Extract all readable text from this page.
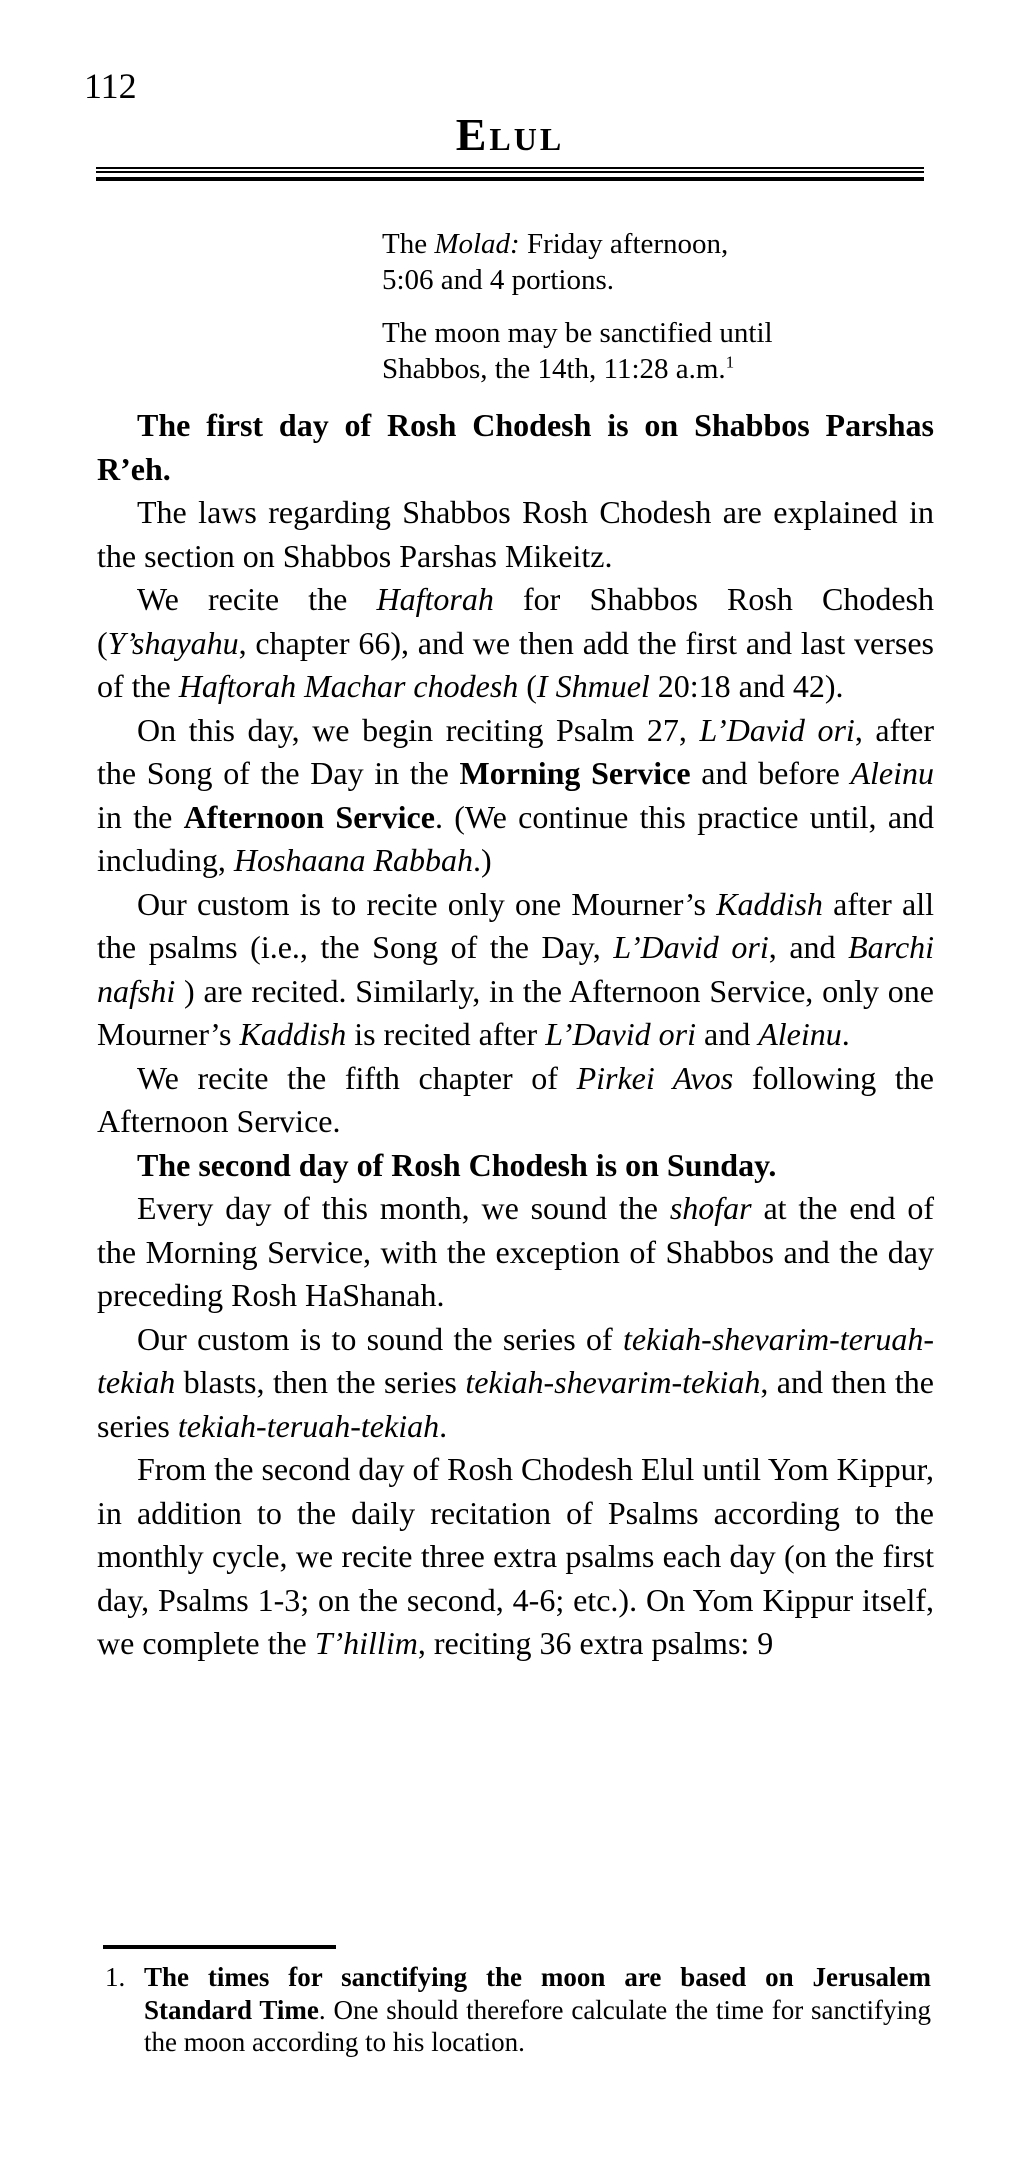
112
Elul

The Molad: Friday afternoon,
5:06 and 4 portions.

The moon may be sanctified until
Shabbos, the 14th, 11:28 a.m.$^1$

The first day of Rosh Chodesh is on Shabbos Parshas R’eh.

The laws regarding Shabbos Rosh Chodesh are explained in the section on Shabbos Parshas Mikeitz.

We recite the Haftorah for Shabbos Rosh Chodesh (Y’shayahu, chapter 66), and we then add the first and last verses of the Haftorah Machar chodesh (I Shmuel 20:18 and 42).

On this day, we begin reciting Psalm 27, L’David ori, after the Song of the Day in the Morning Service and before Aleinu in the Afternoon Service. (We continue this practice until, and including, Hoshaana Rabbah.)

Our custom is to recite only one Mourner’s Kaddish after all the psalms (i.e., the Song of the Day, L’David ori, and Barchi nafshi ) are recited. Similarly, in the Afternoon Service, only one Mourner’s Kaddish is recited after L’David ori and Aleinu.

We recite the fifth chapter of Pirkei Avos following the Afternoon Service.

The second day of Rosh Chodesh is on Sunday.

Every day of this month, we sound the shofar at the end of the Morning Service, with the exception of Shabbos and the day preceding Rosh HaShanah.

Our custom is to sound the series of tekiah-shevarim-teruah-tekiah blasts, then the series tekiah-shevarim-tekiah, and then the series tekiah-teruah-tekiah.

From the second day of Rosh Chodesh Elul until Yom Kippur, in addition to the daily recitation of Psalms according to the monthly cycle, we recite three extra psalms each day (on the first day, Psalms 1-3; on the second, 4-6; etc.). On Yom Kippur itself, we complete the T’hillim, reciting 36 extra psalms: 9

1. The times for sanctifying the moon are based on Jerusalem Standard Time. One should therefore calculate the time for sanctifying the moon according to his location.
